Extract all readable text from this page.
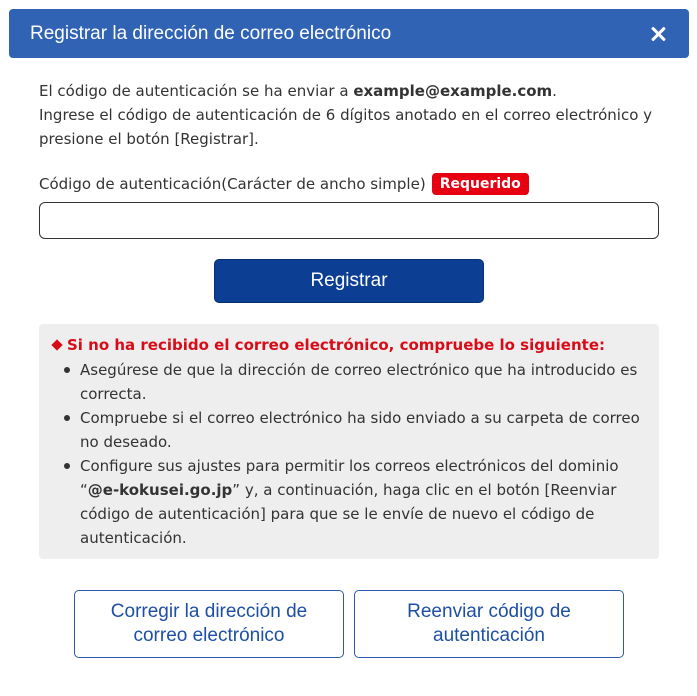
Registrar la dirección de correo electrónico
El código de autenticación se ha enviar a example@example.com.
Ingrese el código de autenticación de 6 dígitos anotado en el correo electrónico y presione el botón [Registrar].
Código de autenticación(Carácter de ancho simple)	Requerido
Registrar
Si no ha recibido el correo electrónico, compruebe lo siguiente:
Asegúrese de que la dirección de correo electrónico que ha introducido es correcta.
Compruebe si el correo electrónico ha sido enviado a su carpeta de correo no deseado.
Configure sus ajustes para permitir los correos electrónicos del dominio “@e-kokusei.go.jp” y, a continuación, haga clic en el botón [Reenviar código de autenticación] para que se le envíe de nuevo el código de autenticación.
Corregir la dirección de correo electrónico
Reenviar código de autenticación
